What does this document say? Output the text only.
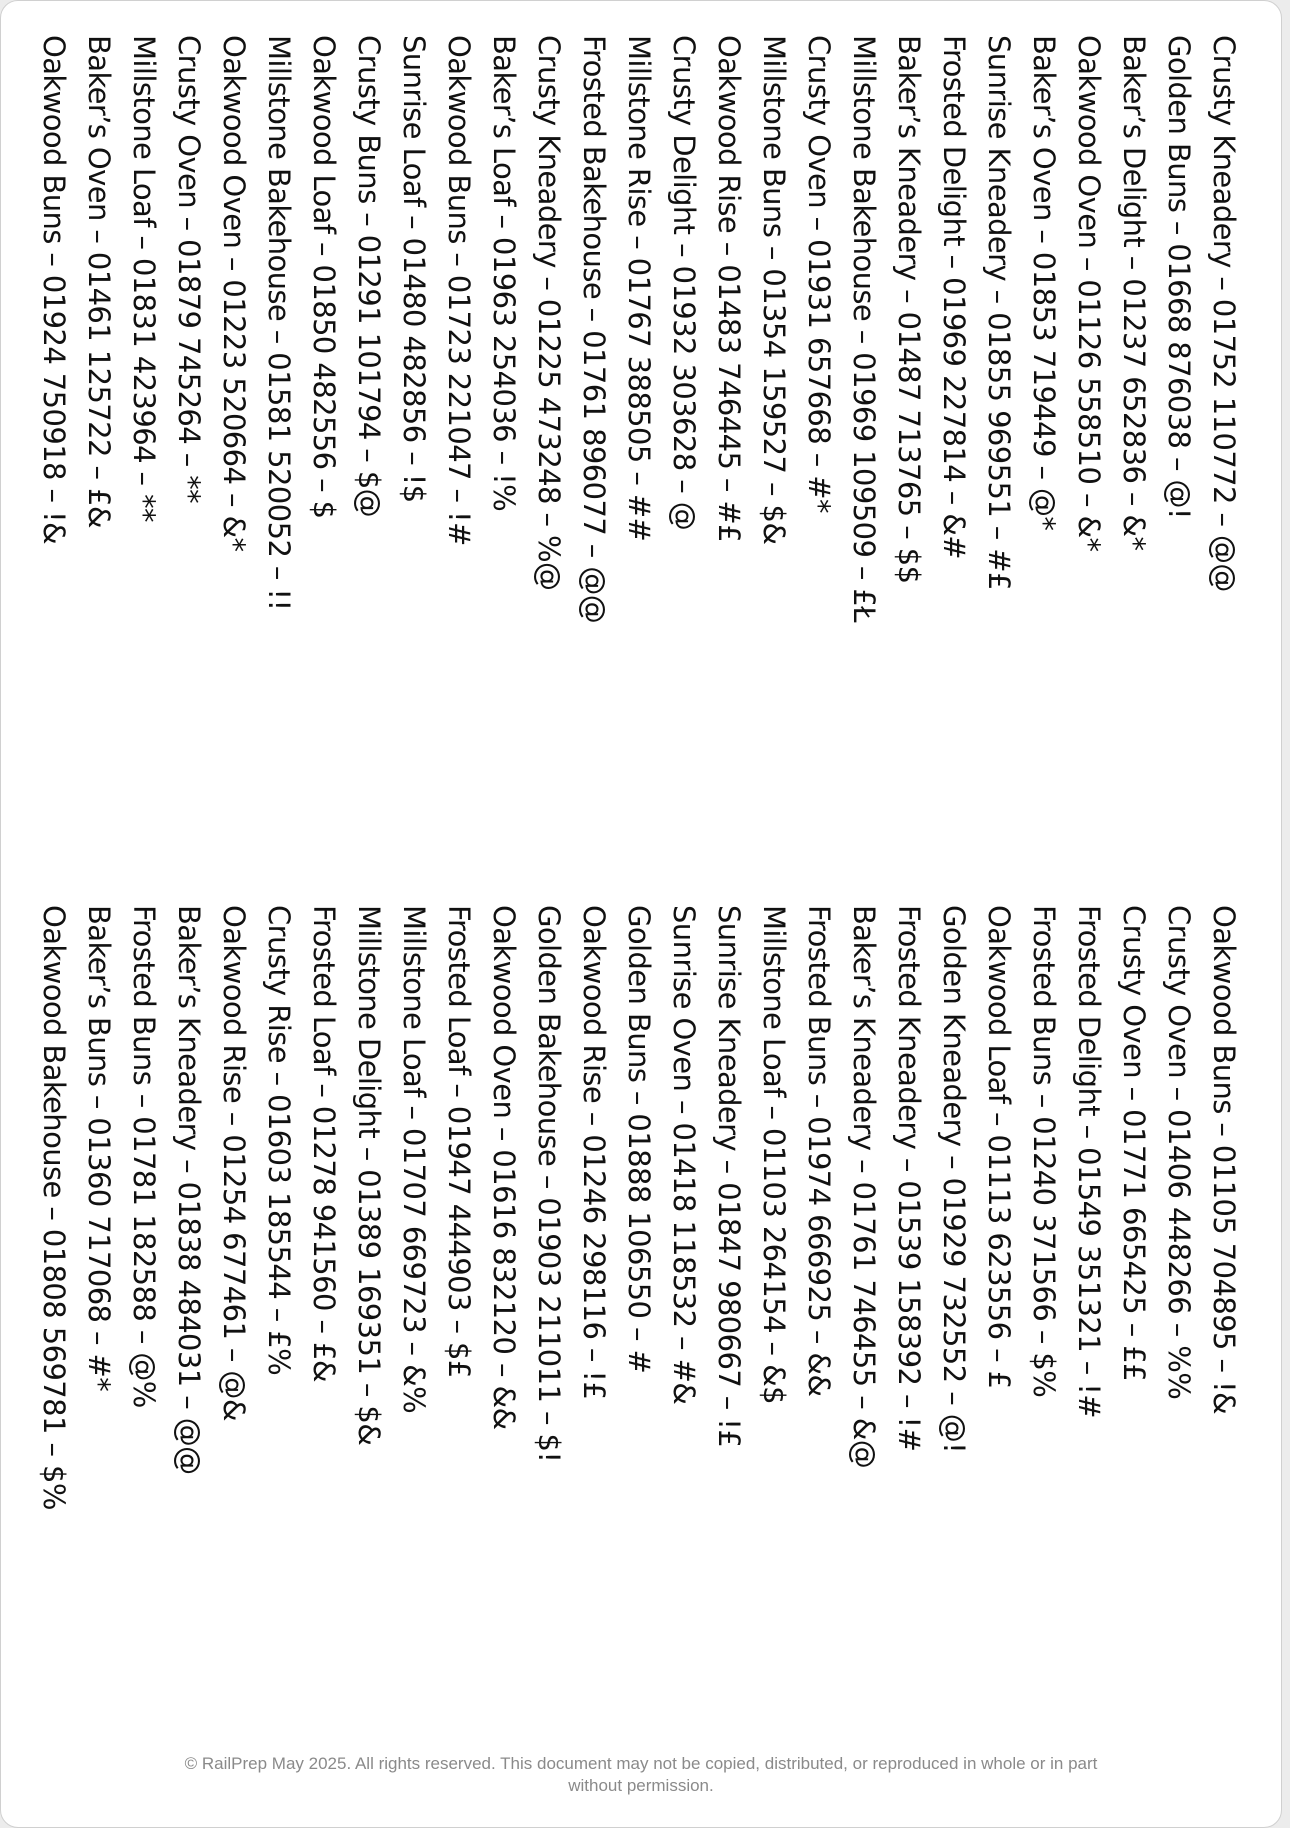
Crusty Kneadery – 01752 110772 – @@
Golden Buns – 01668 876038 – @!
Baker’s Delight – 01237 652836 – &*
Oakwood Oven – 01126 558510 – &*
Baker’s Oven – 01853 719449 – @*
Sunrise Kneadery – 01855 969551 – #£
Frosted Delight – 01969 227814 – &#
Baker’s Kneadery – 01487 713765 – $$
Millstone Bakehouse – 01969 109509 – £Ł
Crusty Oven – 01931 657668 – #*
Millstone Buns – 01354 159527 – $&
Oakwood Rise – 01483 746445 – #£
Crusty Delight – 01932 303628 – @
Millstone Rise – 01767 388505 – ##
Frosted Bakehouse – 01761 896077 – @@
Crusty Kneadery – 01225 473248 – %@
Baker’s Loaf – 01963 254036 – !%
Oakwood Buns – 01723 221047 – !#
Sunrise Loaf – 01480 482856 – !$
Crusty Buns – 01291 101794 – $@
Oakwood Loaf – 01850 482556 – $
Millstone Bakehouse – 01581 520052 – !!
Oakwood Oven – 01223 520664 – &*
Crusty Oven – 01879 745264 – **
Millstone Loaf – 01831 423964 – **
Baker’s Oven – 01461 125722 – £&
Oakwood Buns – 01924 750918 – !&
Oakwood Buns – 01105 704895 – !&
Crusty Oven – 01406 448266 – %%
Crusty Oven – 01771 665425 – ££
Frosted Delight – 01549 351321 – !#
Frosted Buns – 01240 371566 – $%
Oakwood Loaf – 01113 623556 – £
Golden Kneadery – 01929 732552 – @!
Frosted Kneadery – 01539 158392 – !#
Baker’s Kneadery – 01761 746455 – &@
Frosted Buns – 01974 666925 – &&
Millstone Loaf – 01103 264154 – &$
Sunrise Kneadery – 01847 980667 – !£
Sunrise Oven – 01418 118532 – #&
Golden Buns – 01888 106550 – #
Oakwood Rise – 01246 298116 – !£
Golden Bakehouse – 01903 211011 – $!
Oakwood Oven – 01616 832120 – &&
Frosted Loaf – 01947 444903 – $£
Millstone Loaf – 01707 669723 – &%
Millstone Delight – 01389 169351 – $&
Frosted Loaf – 01278 941560 – £&
Crusty Rise – 01603 185544 – £%
Oakwood Rise – 01254 677461 – @&
Baker’s Kneadery – 01838 484031 – @@
Frosted Buns – 01781 182588 – @%
Baker’s Buns – 01360 717068 – #*
Oakwood Bakehouse – 01808 569781 – $%
© RailPrep May 2025. All rights reserved. This document may not be copied, distributed, or reproduced in whole or in part
without permission.
